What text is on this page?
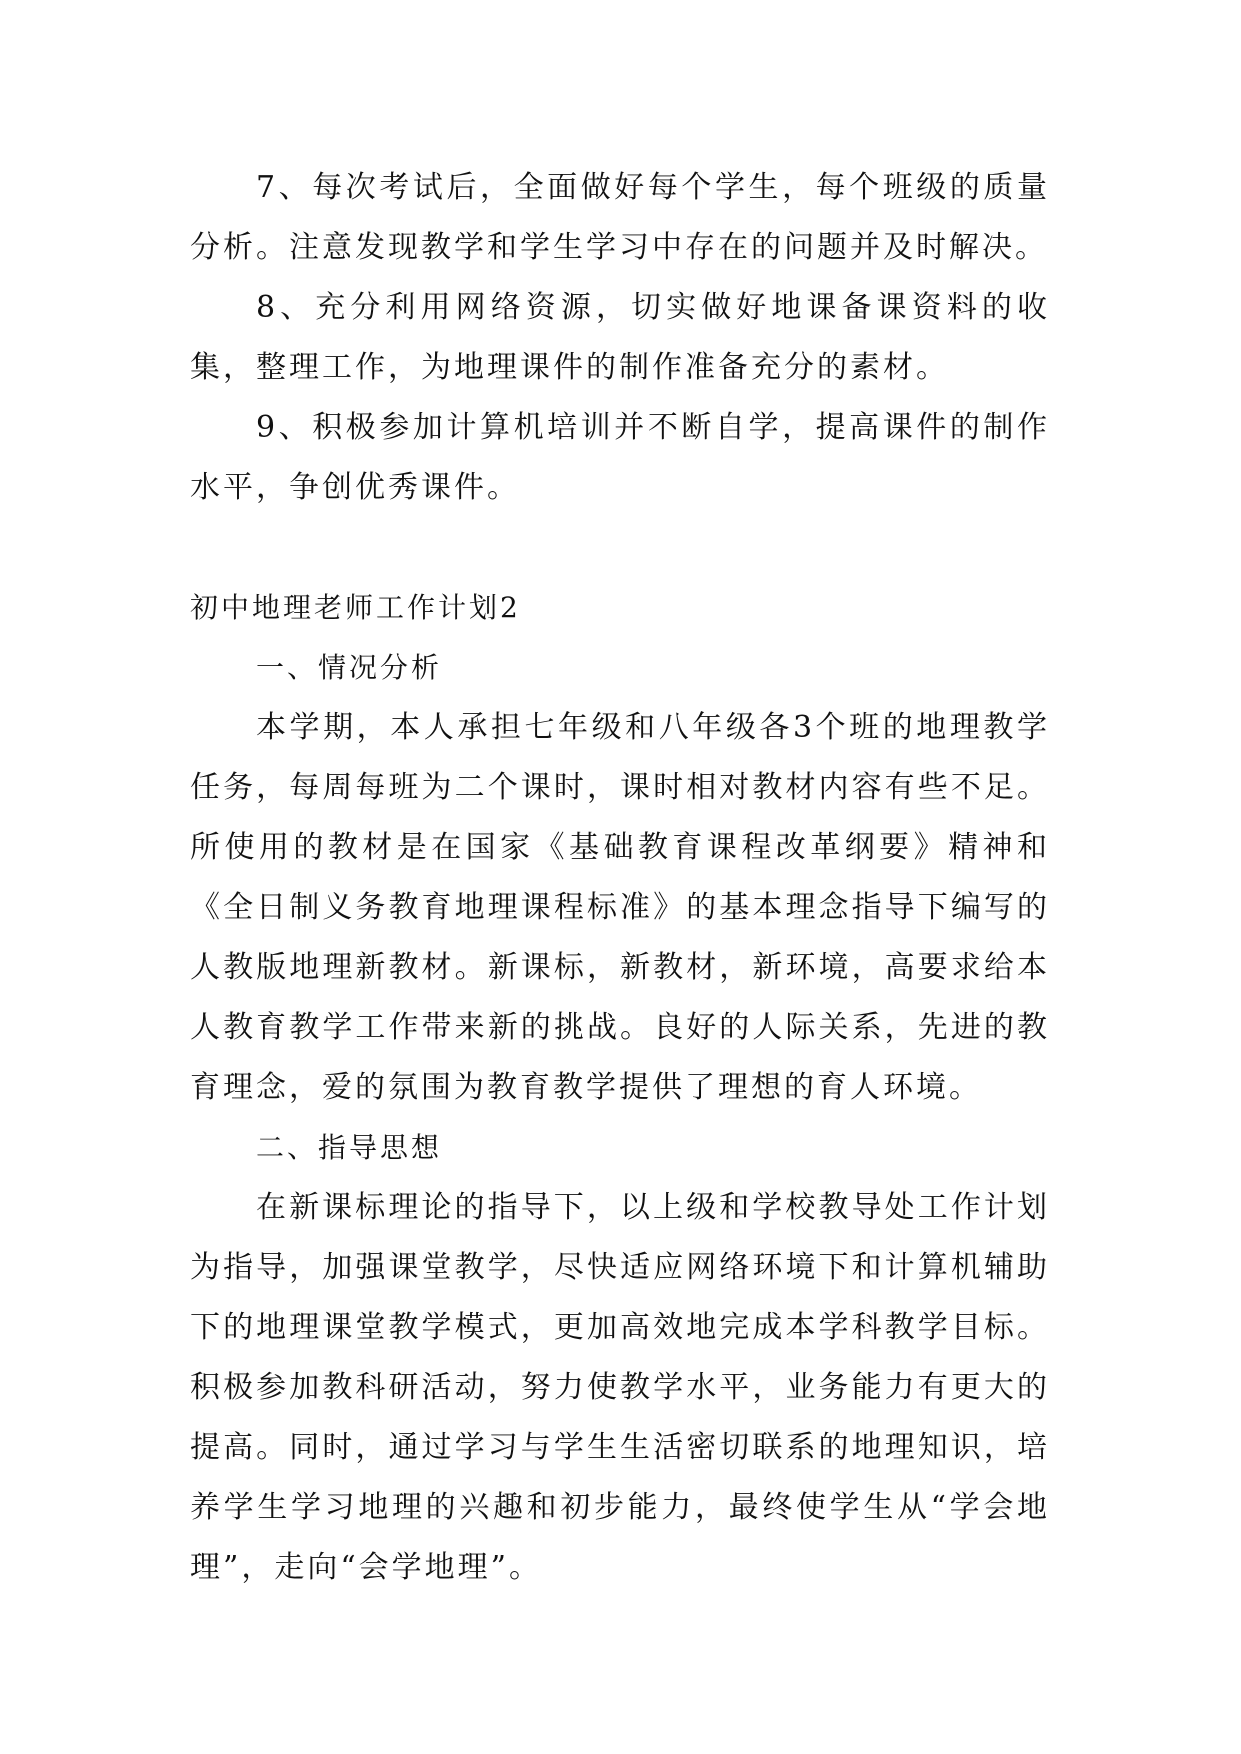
7、每次考试后，全面做好每个学生，每个班级的质量分析。注意发现教学和学生学习中存在的问题并及时解决。

8、充分利用网络资源，切实做好地课备课资料的收集，整理工作，为地理课件的制作准备充分的素材。

9、积极参加计算机培训并不断自学，提高课件的制作水平，争创优秀课件。

初中地理老师工作计划2

一、情况分析

本学期，本人承担七年级和八年级各3个班的地理教学任务，每周每班为二个课时，课时相对教材内容有些不足。所使用的教材是在国家《基础教育课程改革纲要》精神和《全日制义务教育地理课程标准》的基本理念指导下编写的人教版地理新教材。新课标，新教材，新环境，高要求给本人教育教学工作带来新的挑战。良好的人际关系，先进的教育理念，爱的氛围为教育教学提供了理想的育人环境。

二、指导思想

在新课标理论的指导下，以上级和学校教导处工作计划为指导，加强课堂教学，尽快适应网络环境下和计算机辅助下的地理课堂教学模式，更加高效地完成本学科教学目标。积极参加教科研活动，努力使教学水平，业务能力有更大的提高。同时，通过学习与学生生活密切联系的地理知识，培养学生学习地理的兴趣和初步能力，最终使学生从“学会地理”，走向“会学地理”。
